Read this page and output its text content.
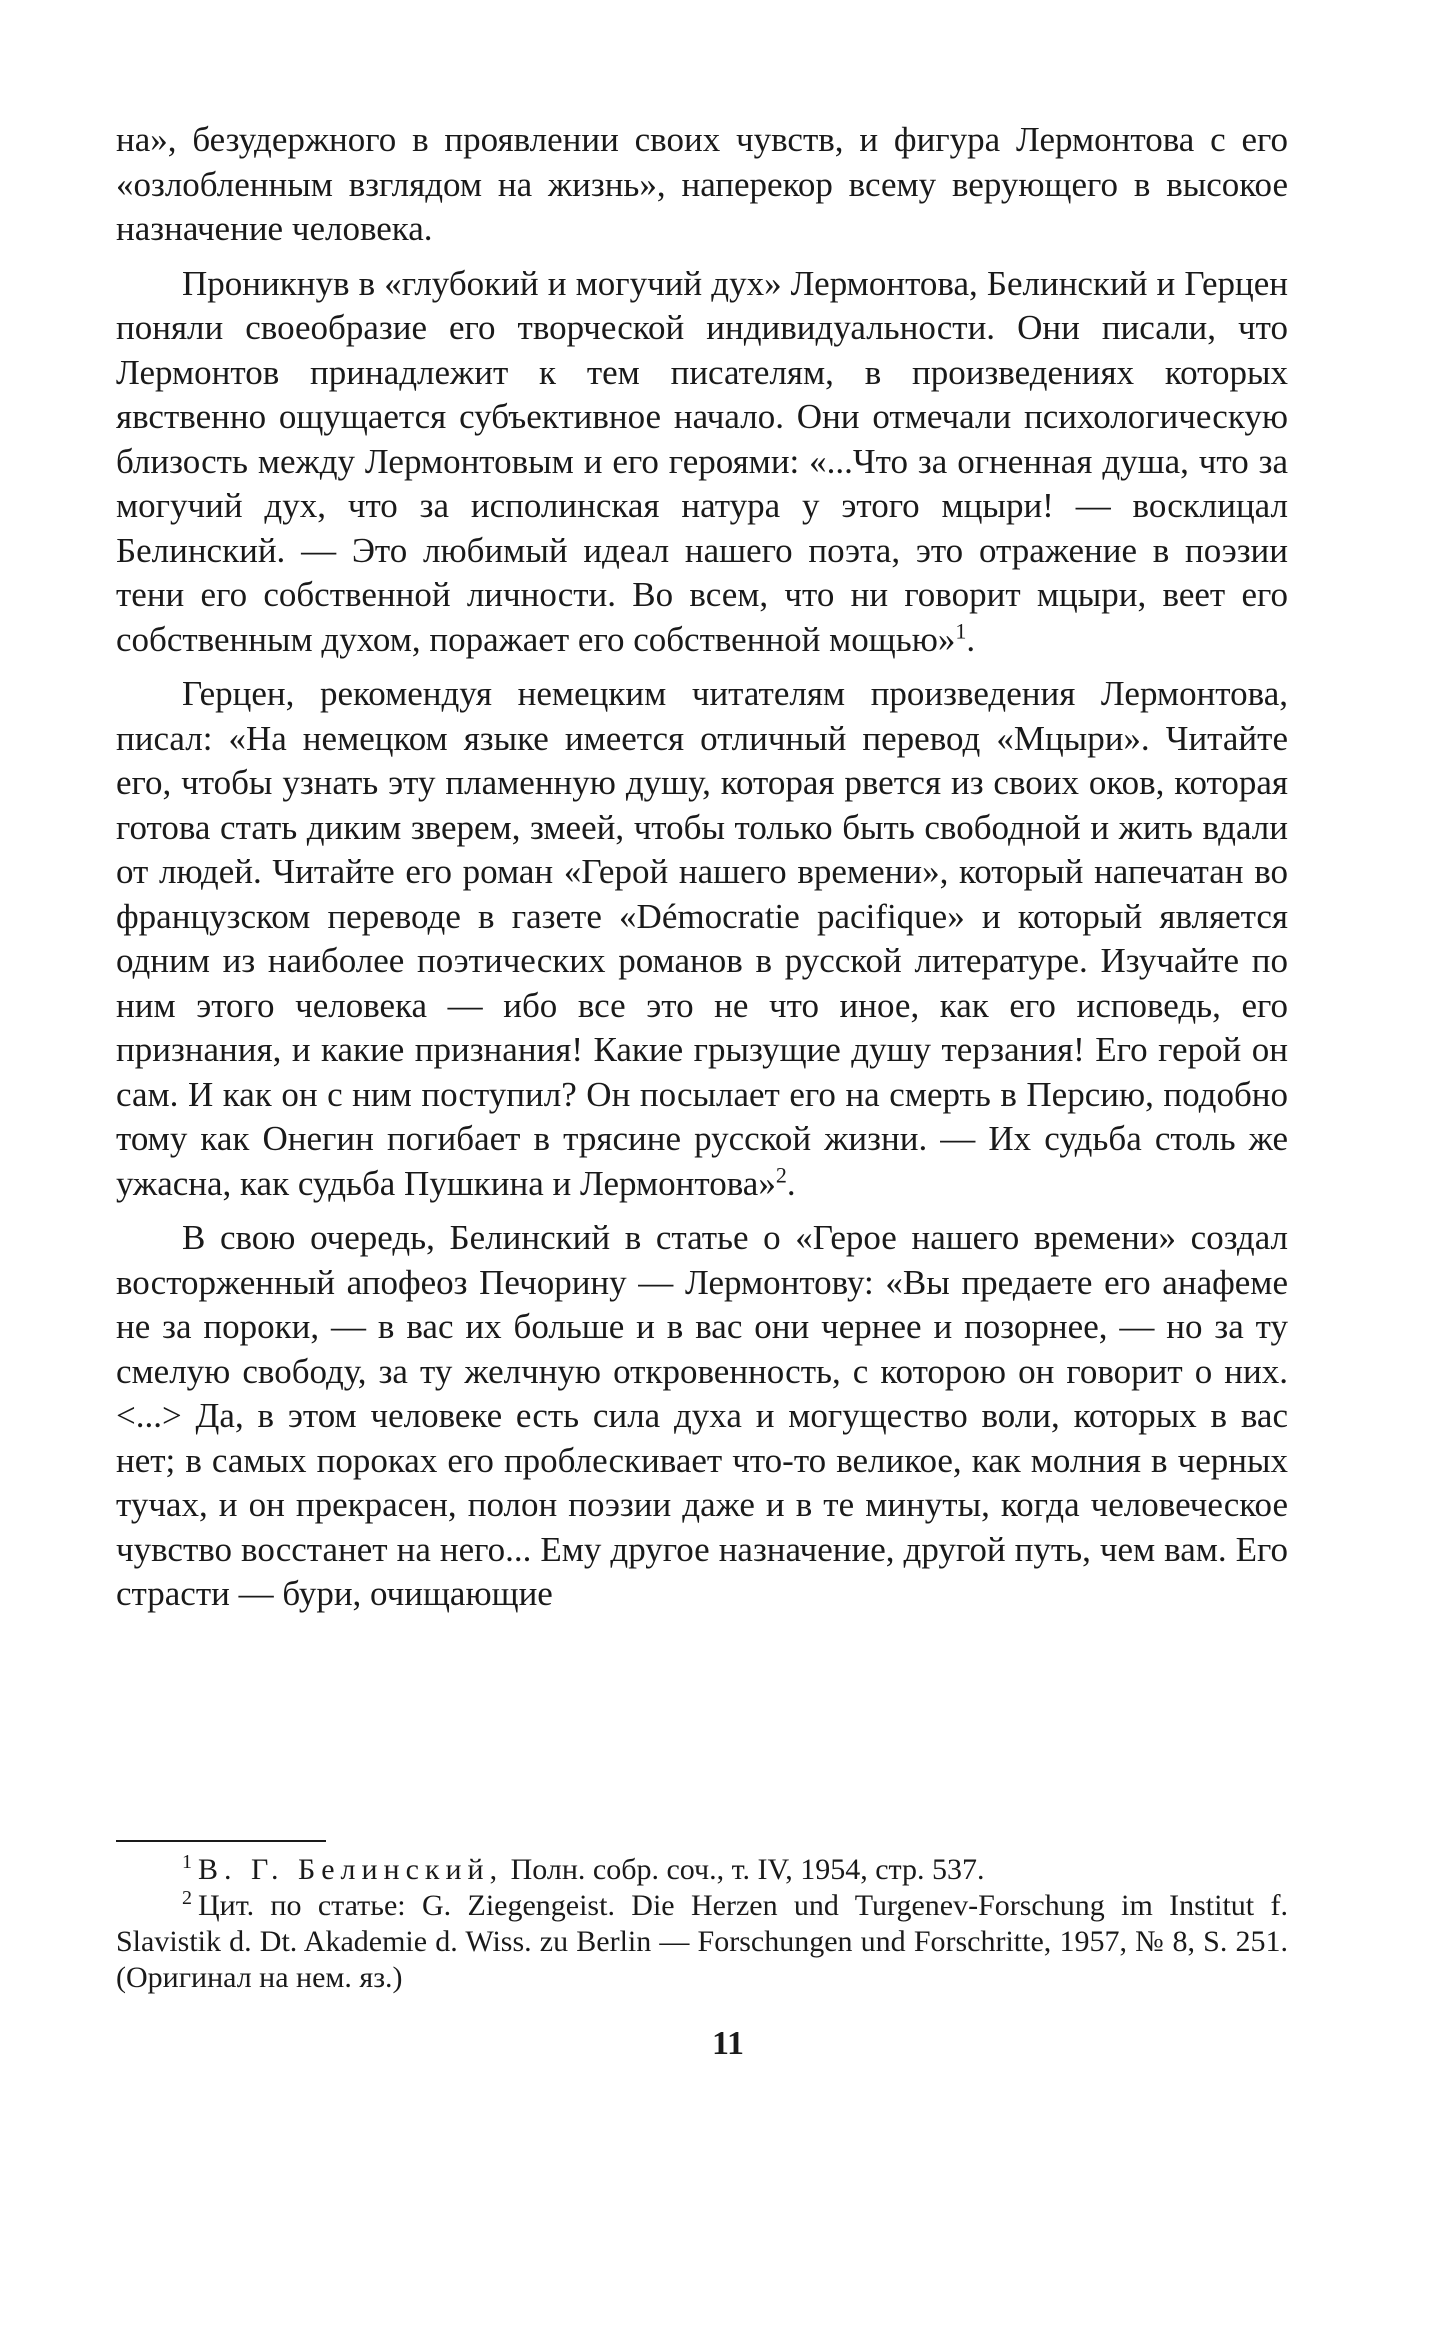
на», безудержного в проявлении своих чувств, и фигура Лермонтова с его «озлобленным взглядом на жизнь», наперекор всему верующего в высокое назначение человека.

Проникнув в «глубокий и могучий дух» Лермонтова, Белинский и Герцен поняли своеобразие его творческой индивидуальности. Они писали, что Лермонтов принадлежит к тем писателям, в произведениях которых явственно ощущается субъективное начало. Они отмечали психологическую близость между Лермонтовым и его героями: «...Что за огненная душа, что за могучий дух, что за исполинская натура у этого мцыри! — восклицал Белинский. — Это любимый идеал нашего поэта, это отражение в поэзии тени его собственной личности. Во всем, что ни говорит мцыри, веет его собственным духом, поражает его собственной мощью»$^1$.

Герцен, рекомендуя немецким читателям произведения Лермонтова, писал: «На немецком языке имеется отличный перевод «Мцыри». Читайте его, чтобы узнать эту пламенную душу, которая рвется из своих оков, которая готова стать диким зверем, змеей, чтобы только быть свободной и жить вдали от людей. Читайте его роман «Герой нашего времени», который напечатан во французском переводе в газете «Démocratie pacifique» и который является одним из наиболее поэтических романов в русской литературе. Изучайте по ним этого человека — ибо все это не что иное, как его исповедь, его признания, и какие признания! Какие грызущие душу терзания! Его герой он сам. И как он с ним поступил? Он посылает его на смерть в Персию, подобно тому как Онегин погибает в трясине русской жизни. — Их судьба столь же ужасна, как судьба Пушкина и Лермонтова»$^2$.

В свою очередь, Белинский в статье о «Герое нашего времени» создал восторженный апофеоз Печорину — Лермонтову: «Вы предаете его анафеме не за пороки, — в вас их больше и в вас они чернее и позорнее, — но за ту смелую свободу, за ту желчную откровенность, с которою он говорит о них. <...> Да, в этом человеке есть сила духа и могущество воли, которых в вас нет; в самых пороках его проблескивает что-то великое, как молния в черных тучах, и он прекрасен, полон поэзии даже и в те минуты, когда человеческое чувство восстанет на него... Ему другое назначение, другой путь, чем вам. Его страсти — бури, очищающие

$^1$ В. Г. Белинский, Полн. собр. соч., т. IV, 1954, стр. 537.

$^2$ Цит. по статье: G. Ziegengeist. Die Herzen und Turgenev-Forschung im Institut f. Slavistik d. Dt. Akademie d. Wiss. zu Berlin — Forschungen und Forschritte, 1957, № 8, S. 251. (Оригинал на нем. яз.)

11
